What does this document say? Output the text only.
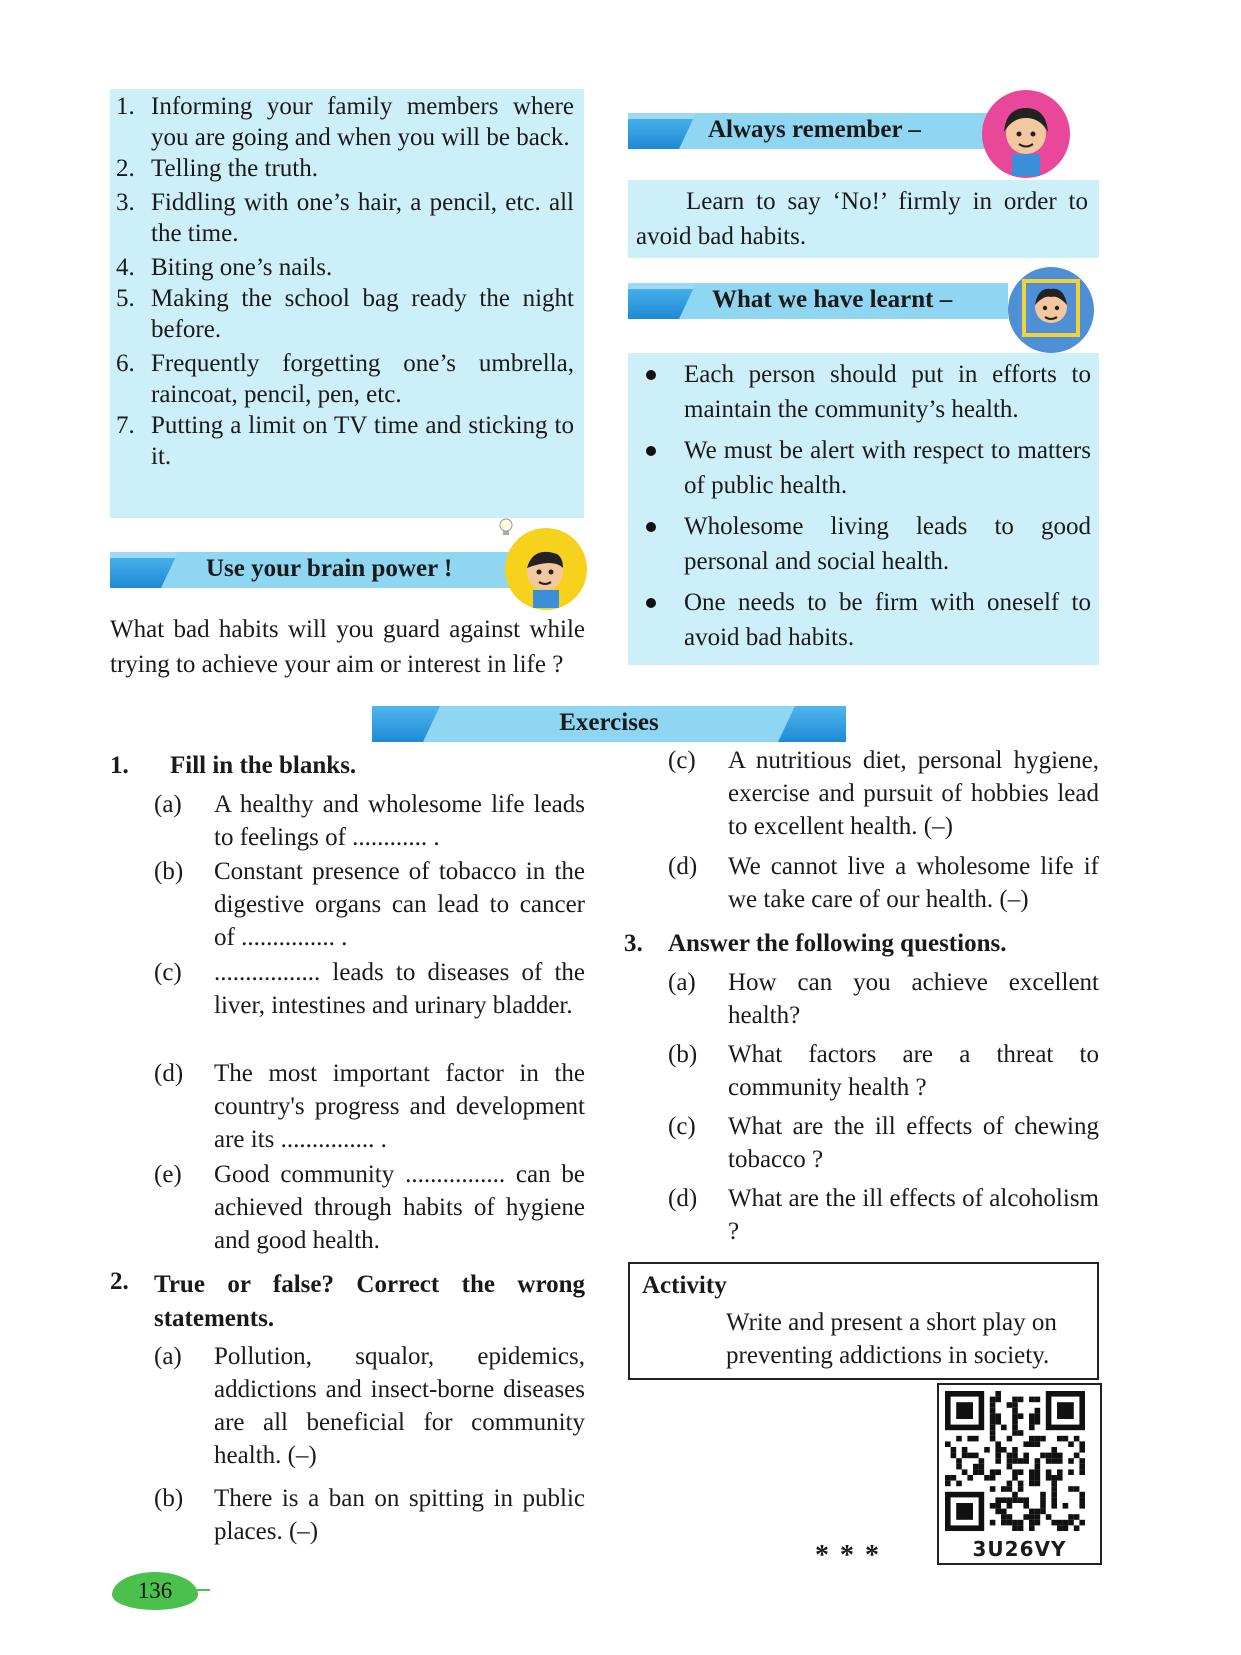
1. Informing your family members where you are going and when you will be back.
2. Telling the truth.
3. Fiddling with one’s hair, a pencil, etc. all the time.
4. Biting one’s nails.
5. Making the school bag ready the night before.
6. Frequently forgetting one’s umbrella, raincoat, pencil, pen, etc.
7. Putting a limit on TV time and sticking to it.
Use your brain power !
What bad habits will you guard against while trying to achieve your aim or interest in life ?
Always remember –
Learn to say ‘No!’ firmly in order to avoid bad habits.
What we have learnt –
Each person should put in efforts to maintain the community’s health.
We must be alert with respect to matters of public health.
Wholesome living leads to good personal and social health.
One needs to be firm with oneself to avoid bad habits.
Exercises
1. Fill in the blanks.
(a) A healthy and wholesome life leads to feelings of ............ .
(b) Constant presence of tobacco in the digestive organs can lead to cancer of ............... .
(c) ................. leads to diseases of the liver, intestines and urinary bladder.
(d) The most important factor in the country's progress and development are its ............... .
(e) Good community ................ can be achieved through habits of hygiene and good health.
2. True or false? Correct the wrong statements.
(a) Pollution, squalor, epidemics, addictions and insect-borne diseases are all beneficial for community health. (–)
(b) There is a ban on spitting in public places. (–)
(c) A nutritious diet, personal hygiene, exercise and pursuit of hobbies lead to excellent health. (–)
(d) We cannot live a wholesome life if we take care of our health. (–)
3. Answer the following questions.
(a) How can you achieve excellent health?
(b) What factors are a threat to community health ?
(c) What are the ill effects of chewing tobacco ?
(d) What are the ill effects of alcoholism ?
Activity
Write and present a short play on preventing addictions in society.
3U26VY
* * *
136
